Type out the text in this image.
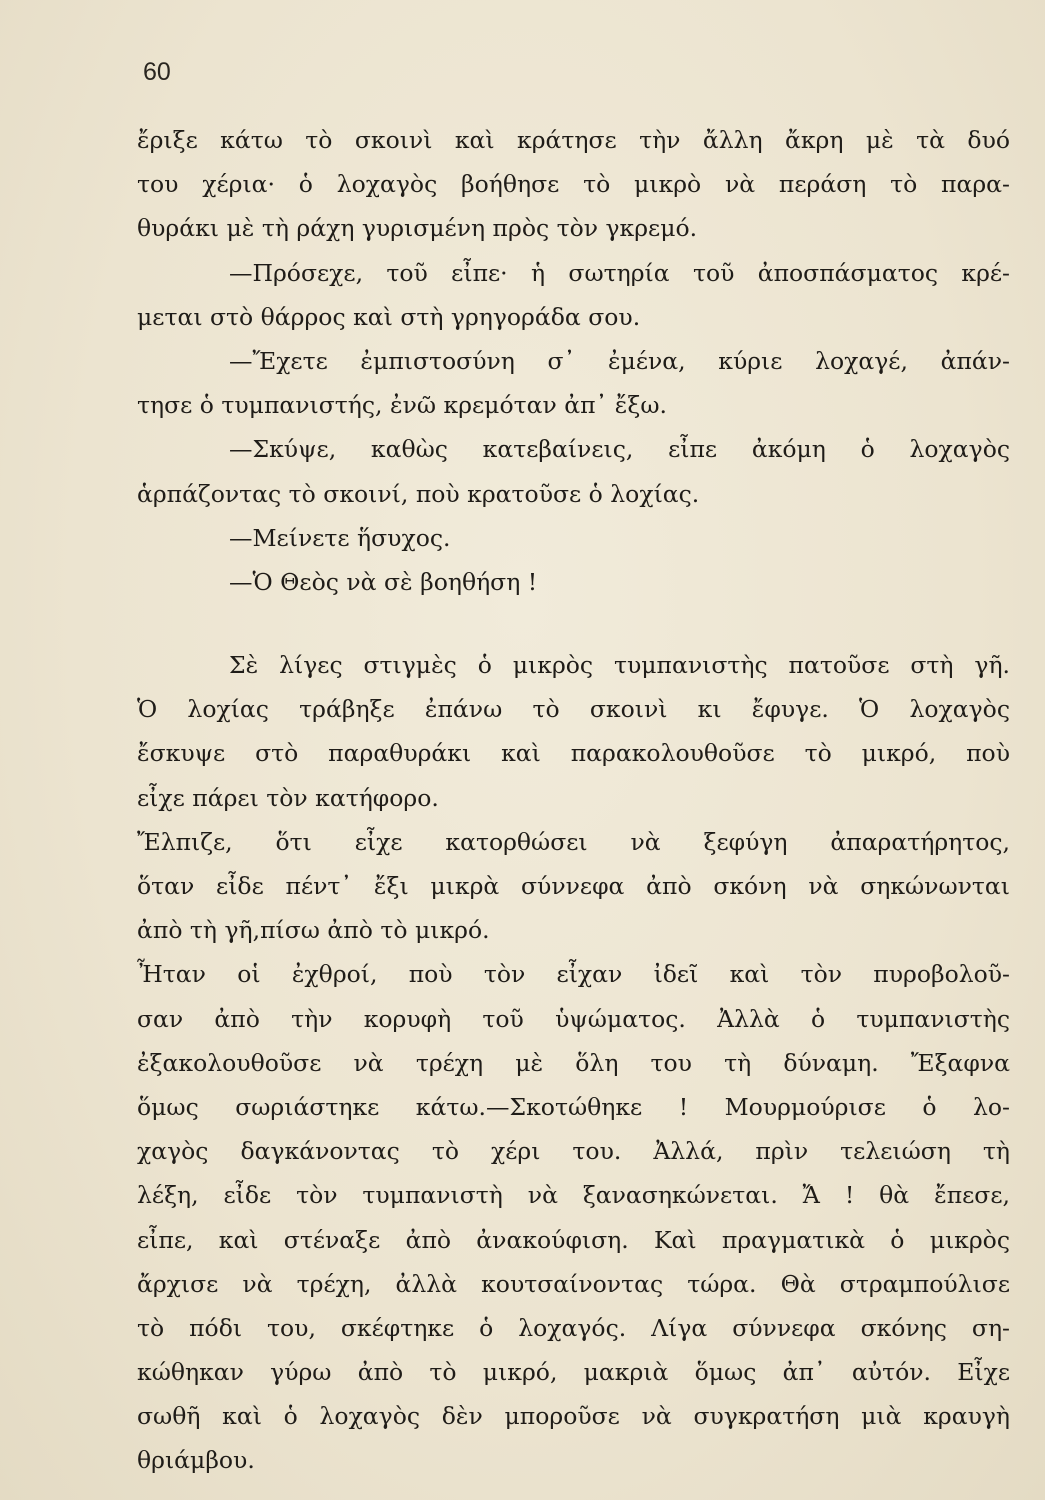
60
ἔριξε κάτω τὸ σκοινὶ καὶ κράτησε τὴν ἄλλη ἄκρη μὲ τὰ δυό
του χέρια· ὁ λοχαγὸς βοήθησε τὸ μικρὸ νὰ περάση τὸ παρα-
θυράκι μὲ τὴ ράχη γυρισμένη πρὸς τὸν γκρεμό.
—Πρόσεχε, τοῦ εἶπε· ἡ σωτηρία τοῦ ἀποσπάσματος κρέ-
μεται στὸ θάρρος καὶ στὴ γρηγοράδα σου.
—Ἔχετε ἐμπιστοσύνη σ᾽ ἐμένα, κύριε λοχαγέ, ἀπάν-
τησε ὁ τυμπανιστής, ἐνῶ κρεμόταν ἀπ᾽ ἔξω.
—Σκύψε, καθὼς κατεβαίνεις, εἶπε ἀκόμη ὁ λοχαγὸς
ἁρπάζοντας τὸ σκοινί, ποὺ κρατοῦσε ὁ λοχίας.
—Μείνετε ἥσυχος.
—Ὁ Θεὸς νὰ σὲ βοηθήση !
Σὲ λίγες στιγμὲς ὁ μικρὸς τυμπανιστὴς πατοῦσε στὴ γῆ.
Ὁ λοχίας τράβηξε ἐπάνω τὸ σκοινὶ κι ἔφυγε. Ὁ λοχαγὸς
ἔσκυψε στὸ παραθυράκι καὶ παρακολουθοῦσε τὸ μικρό, ποὺ
εἶχε πάρει τὸν κατήφορο.
Ἔλπιζε, ὅτι εἶχε κατορθώσει νὰ ξεφύγη ἀπαρατήρητος,
ὅταν εἶδε πέντ᾽ ἔξι μικρὰ σύννεφα ἀπὸ σκόνη νὰ σηκώνωνται
ἀπὸ τὴ γῆ,πίσω ἀπὸ τὸ μικρό.
Ἦταν οἱ ἐχθροί, ποὺ τὸν εἶχαν ἰδεῖ καὶ τὸν πυροβολοῦ-
σαν ἀπὸ τὴν κορυφὴ τοῦ ὑψώματος. Ἀλλὰ ὁ τυμπανιστὴς
ἐξακολουθοῦσε νὰ τρέχη μὲ ὅλη του τὴ δύναμη. Ἔξαφνα
ὅμως σωριάστηκε κάτω.—Σκοτώθηκε ! Μουρμούρισε ὁ λο-
χαγὸς δαγκάνοντας τὸ χέρι του. Ἀλλά, πρὶν τελειώση τὴ
λέξη, εἶδε τὸν τυμπανιστὴ νὰ ξανασηκώνεται. Ἄ ! θὰ ἔπεσε,
εἶπε, καὶ στέναξε ἀπὸ ἀνακούφιση. Καὶ πραγματικὰ ὁ μικρὸς
ἄρχισε νὰ τρέχη, ἀλλὰ κουτσαίνοντας τώρα. Θὰ στραμπούλισε
τὸ πόδι του, σκέφτηκε ὁ λοχαγός. Λίγα σύννεφα σκόνης ση-
κώθηκαν γύρω ἀπὸ τὸ μικρό, μακριὰ ὅμως ἀπ᾽ αὐτόν. Εἶχε
σωθῆ καὶ ὁ λοχαγὸς δὲν μποροῦσε νὰ συγκρατήση μιὰ κραυγὴ
θριάμβου.
